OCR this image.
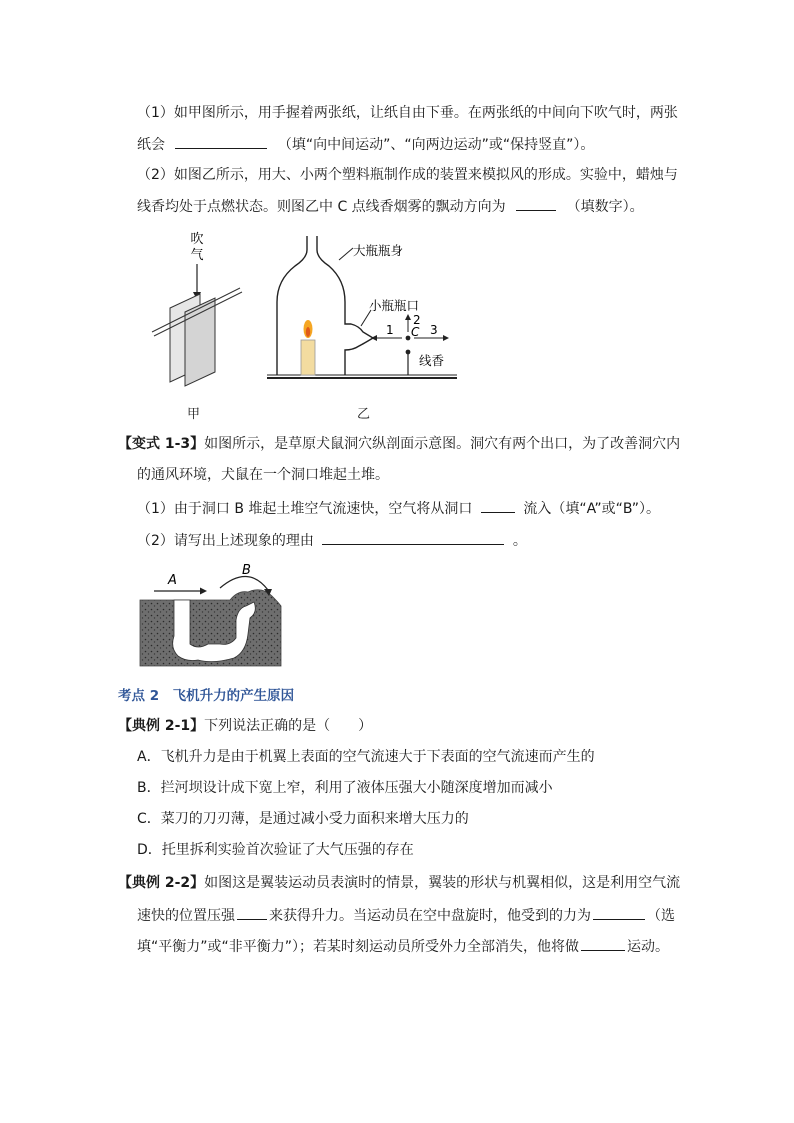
（1）如甲图所示，用手握着两张纸，让纸自由下垂。在两张纸的中间向下吹气时，两张
纸会	（填“向中间运动”、“向两边运动”或“保持竖直”）。
（2）如图乙所示，用大、小两个塑料瓶制作成的装置来模拟风的形成。实验中，蜡烛与
线香均处于点燃状态。则图乙中 C 点线香烟雾的飘动方向为	（填数字）。
吹
气
甲
大瓶瓶身
小瓶瓶口
1
2
C 3
线香
乙
【变式 1-3】如图所示，是草原犬鼠洞穴纵剖面示意图。洞穴有两个出口，为了改善洞穴内
的通风环境，犬鼠在一个洞口堆起土堆。
（1）由于洞口 B 堆起土堆空气流速快，空气将从洞口	流入（填“A”或“B”）。
（2）请写出上述现象的理由	。
A
B
考点 2　飞机升力的产生原因
【典例 2-1】下列说法正确的是（　　）
A．飞机升力是由于机翼上表面的空气流速大于下表面的空气流速而产生的
B．拦河坝设计成下宽上窄，利用了液体压强大小随深度增加而减小
C．菜刀的刀刃薄，是通过减小受力面积来增大压力的
D．托里拆利实验首次验证了大气压强的存在
【典例 2-2】如图这是翼装运动员表演时的情景，翼装的形状与机翼相似，这是利用空气流
速快的位置压强 来获得升力。当运动员在空中盘旋时，他受到的力为	（选
填“平衡力”或“非平衡力”）；若某时刻运动员所受外力全部消失，他将做	运动。
